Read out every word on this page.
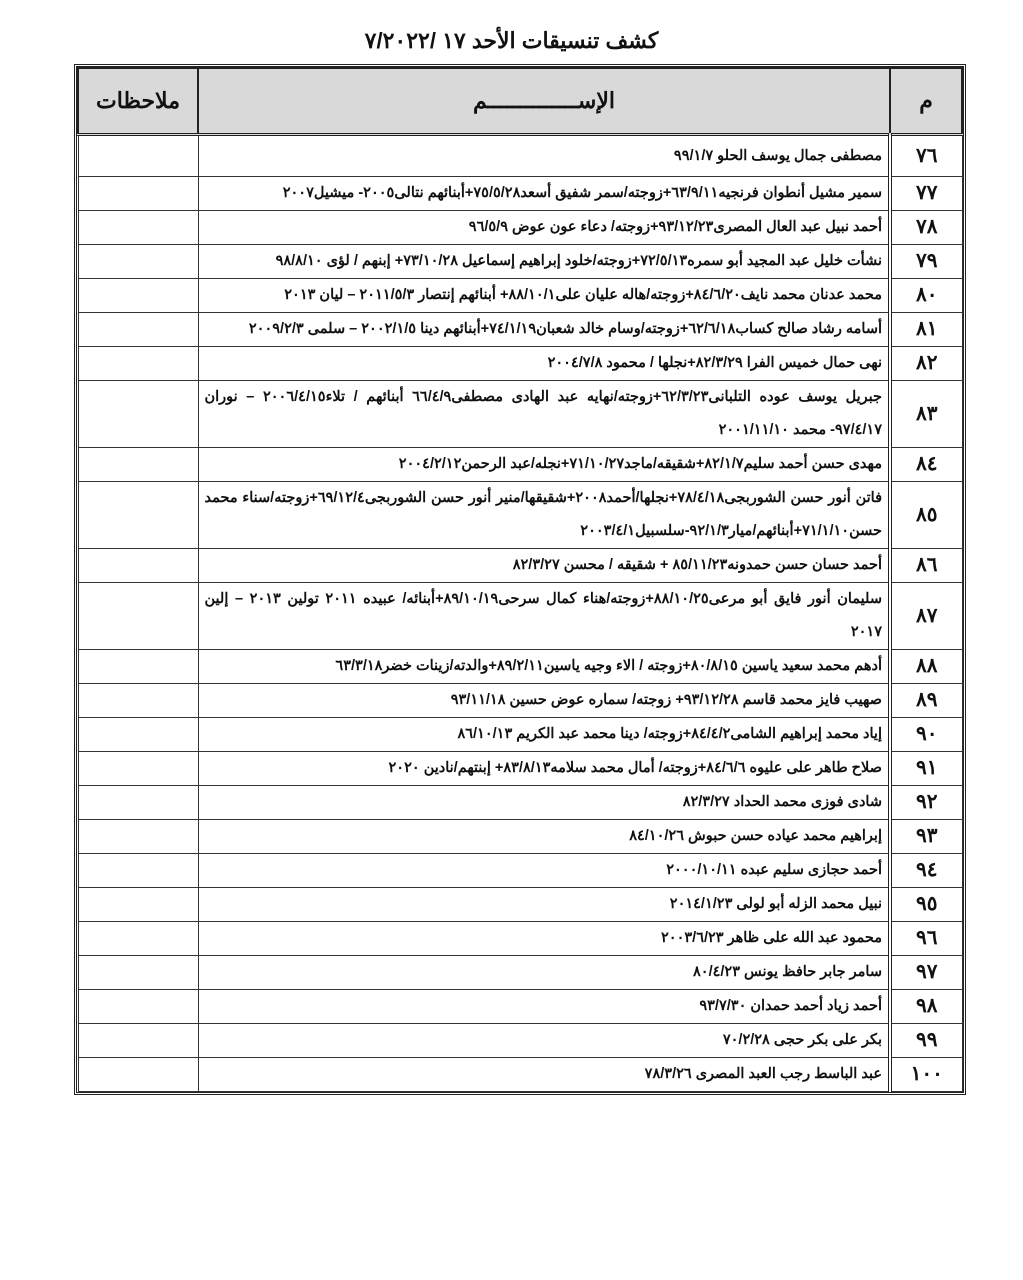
كشف تنسيقات الأحد ١٧ /٧/٢٠٢٢
م	الإســــــــــــــم	ملاحظات
٧٦	مصطفى جمال يوسف الحلو ٩٩/١/٧	
٧٧	سمير مشيل أنطوان فرنجيه٦٣/٩/١١+زوجته/سمر شفيق أسعد٧٥/٥/٢٨+أبنائهم نتالى٢٠٠٥- ميشيل٢٠٠٧	
٧٨	أحمد نبيل عبد العال المصرى٩٣/١٢/٢٣+زوجته/ دعاء عون عوض ٩٦/٥/٩	
٧٩	نشأت خليل عبد المجيد أبو سمره٧٢/٥/١٣+زوجته/خلود إبراهيم إسماعيل ٧٣/١٠/٢٨+ إبنهم / لؤى ٩٨/٨/١٠	
٨٠	محمد عدنان محمد نايف٨٤/٦/٢٠+زوجته/هاله عليان على٨٨/١٠/١+ أبنائهم إنتصار ٢٠١١/٥/٣ – ليان ٢٠١٣	
٨١	أسامه رشاد صالح كساب٦٢/٦/١٨+زوجته/وسام خالد شعبان٧٤/١/١٩+أبنائهم دينا ٢٠٠٢/١/٥ – سلمى ٢٠٠٩/٢/٣	
٨٢	نهى حمال خميس الفرا ٨٢/٣/٢٩+نجلها / محمود ٢٠٠٤/٧/٨	
٨٣	جبريل يوسف عوده التلبانى٦٢/٣/٢٣+زوجته/نهايه عبد الهادى مصطفى٦٦/٤/٩ أبنائهم / تلاء٢٠٠٦/٤/١٥ – نوران ٩٧/٤/١٧- محمد ٢٠٠١/١١/١٠	
٨٤	مهدى حسن أحمد سليم٨٢/١/٧+شقيقه/ماجد٧١/١٠/٢٧+نجله/عبد الرحمن٢٠٠٤/٢/١٢	
٨٥	فاتن أنور حسن الشوربجى٧٨/٤/١٨+نجلها/أحمد٢٠٠٨+شقيقها/منير أنور حسن الشوربجى٦٩/١٢/٤+زوجته/سناء محمد حسن٧١/١/١٠+أبنائهم/ميار٩٢/١/٣-سلسبيل٢٠٠٣/٤/١	
٨٦	أحمد حسان حسن حمدونه٨٥/١١/٢٣ + شقيقه / محسن ٨٢/٣/٢٧	
٨٧	سليمان أنور فايق أبو مرعى٨٨/١٠/٢٥+زوجته/هناء كمال سرحى٨٩/١٠/١٩+أبنائه/ عبيده ٢٠١١ تولين ٢٠١٣ – إلين ٢٠١٧	
٨٨	أدهم محمد سعيد ياسين ٨٠/٨/١٥+زوجته / الاء وجيه ياسين٨٩/٢/١١+والدته/زينات خضر٦٣/٣/١٨	
٨٩	صهيب فايز محمد قاسم ٩٣/١٢/٢٨+ زوجته/ سماره عوض حسين ٩٣/١١/١٨	
٩٠	إياد محمد إبراهيم الشامى٨٤/٤/٢+زوجته/ دينا محمد عبد الكريم ٨٦/١٠/١٣	
٩١	صلاح طاهر على عليوه ٨٤/٦/٦+زوجته/ أمال محمد سلامه٨٣/٨/١٣+ إبنتهم/نادين ٢٠٢٠	
٩٢	شادى فوزى محمد الحداد ٨٢/٣/٢٧	
٩٣	إبراهيم محمد عياده حسن حبوش ٨٤/١٠/٢٦	
٩٤	أحمد حجازى سليم عبده ٢٠٠٠/١٠/١١	
٩٥	نبيل محمد الزله أبو لولى ٢٠١٤/١/٢٣	
٩٦	محمود عبد الله على ظاهر ٢٠٠٣/٦/٢٣	
٩٧	سامر جابر حافظ يونس ٨٠/٤/٢٣	
٩٨	أحمد زياد أحمد حمدان ٩٣/٧/٣٠	
٩٩	بكر على بكر حجى ٧٠/٢/٢٨	
١٠٠	عبد الباسط رجب العبد المصرى ٧٨/٣/٢٦	
